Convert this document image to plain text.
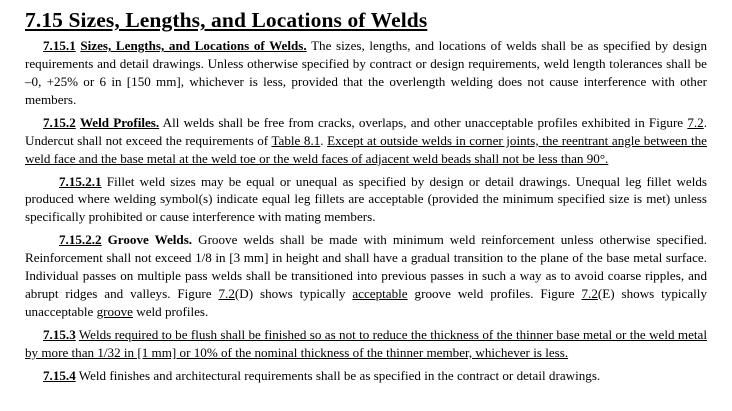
7.15 Sizes, Lengths, and Locations of Welds

7.15.1 Sizes, Lengths, and Locations of Welds. The sizes, lengths, and locations of welds shall be as specified by design requirements and detail drawings. Unless otherwise specified by contract or design requirements, weld length tolerances shall be –0, +25% or 6 in [150 mm], whichever is less, provided that the overlength welding does not cause interference with other members.

7.15.2 Weld Profiles. All welds shall be free from cracks, overlaps, and other unacceptable profiles exhibited in Figure 7.2. Undercut shall not exceed the requirements of Table 8.1. Except at outside welds in corner joints, the reentrant angle between the weld face and the base metal at the weld toe or the weld faces of adjacent weld beads shall not be less than 90°.

7.15.2.1 Fillet weld sizes may be equal or unequal as specified by design or detail drawings. Unequal leg fillet welds produced where welding symbol(s) indicate equal leg fillets are acceptable (provided the minimum specified size is met) unless specifically prohibited or cause interference with mating members.

7.15.2.2 Groove Welds. Groove welds shall be made with minimum weld reinforcement unless otherwise specified. Reinforcement shall not exceed 1/8 in [3 mm] in height and shall have a gradual transition to the plane of the base metal surface. Individual passes on multiple pass welds shall be transitioned into previous passes in such a way as to avoid coarse ripples, and abrupt ridges and valleys. Figure 7.2(D) shows typically acceptable groove weld profiles. Figure 7.2(E) shows typically unacceptable groove weld profiles.

7.15.3 Welds required to be flush shall be finished so as not to reduce the thickness of the thinner base metal or the weld metal by more than 1/32 in [1 mm] or 10% of the nominal thickness of the thinner member, whichever is less.

7.15.4 Weld finishes and architectural requirements shall be as specified in the contract or detail drawings.
